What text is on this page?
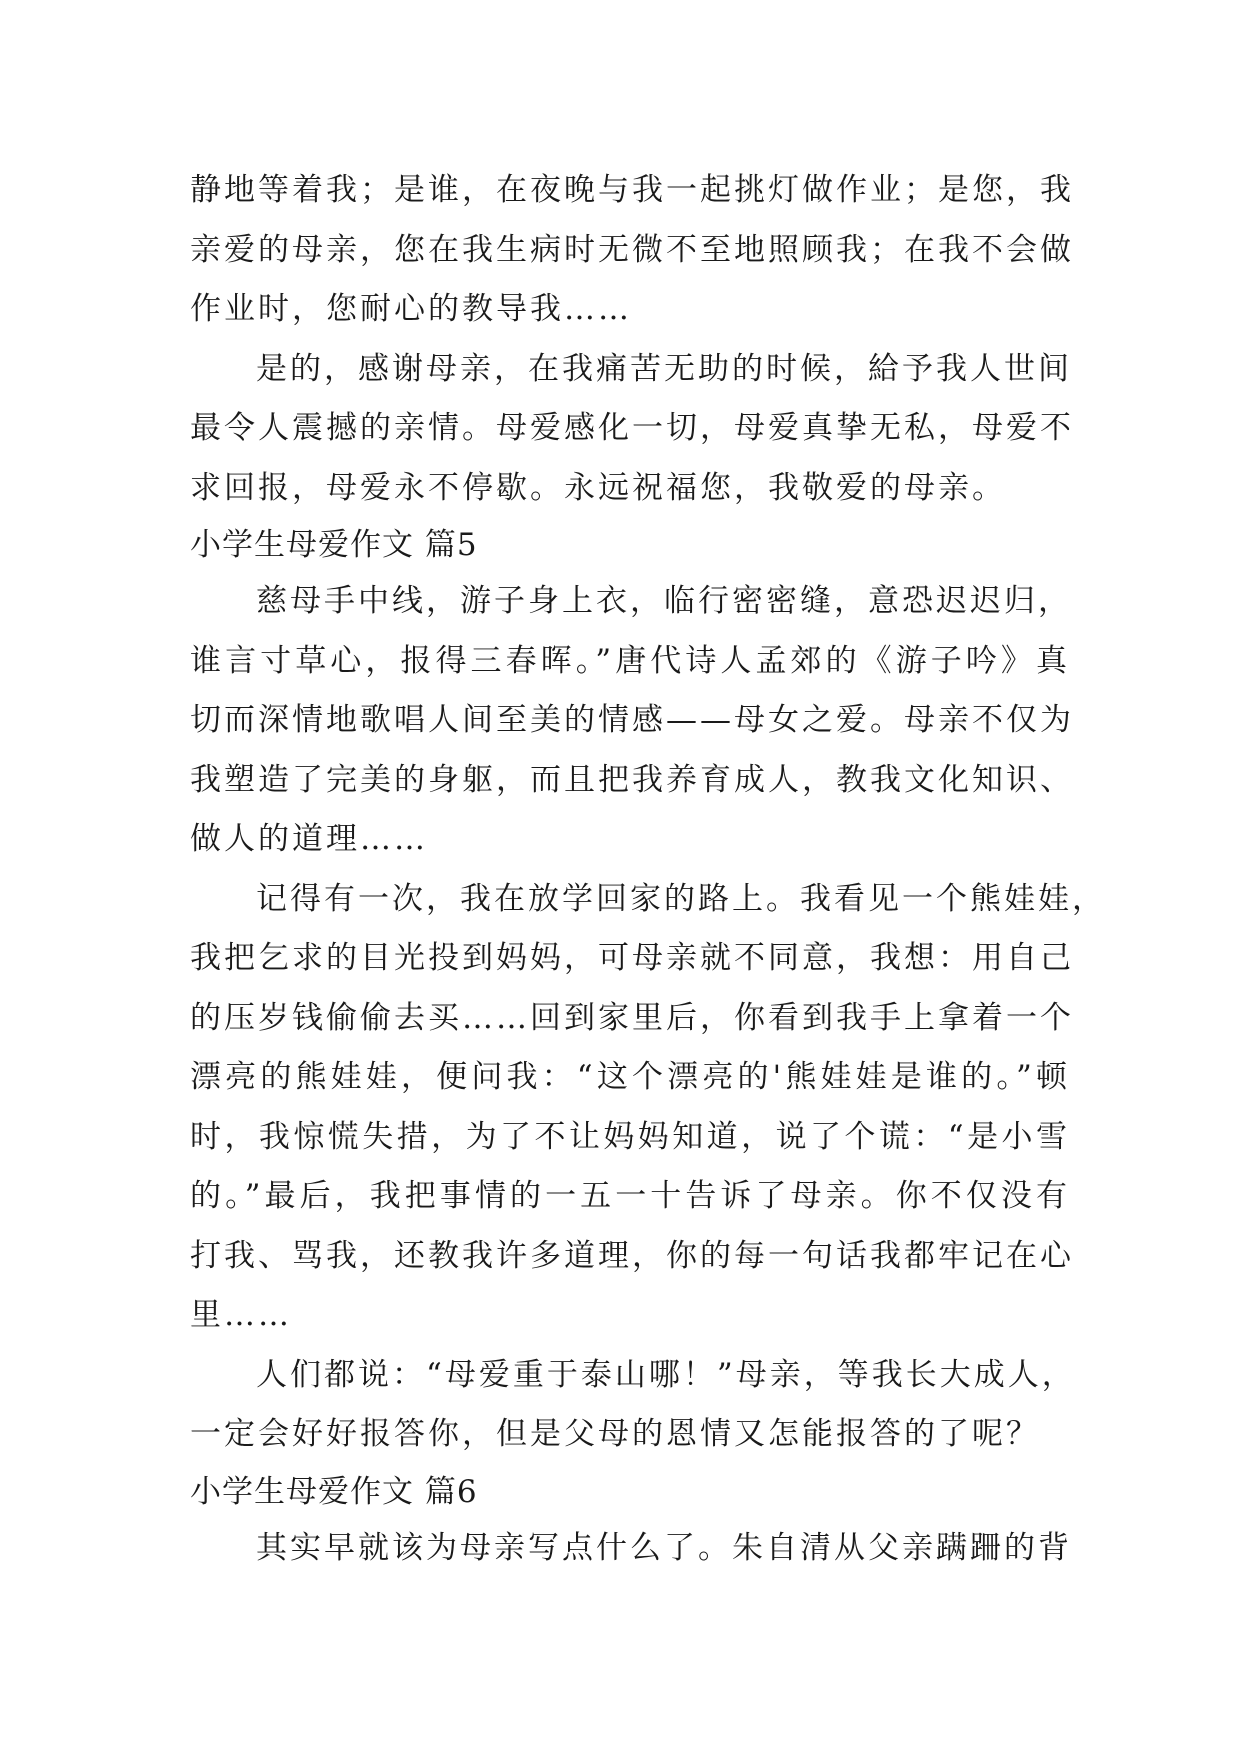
静地等着我；是谁，在夜晚与我一起挑灯做作业；是您，我
亲爱的母亲，您在我生病时无微不至地照顾我；在我不会做
作业时，您耐心的教导我……
是的，感谢母亲，在我痛苦无助的时候，給予我人世间
最令人震撼的亲情。母爱感化一切，母爱真挚无私，母爱不
求回报，母爱永不停歇。永远祝福您，我敬爱的母亲。
小学生母爱作文 篇5
慈母手中线，游子身上衣，临行密密缝，意恐迟迟归，
谁言寸草心，报得三春晖。”唐代诗人孟郊的《游子吟》真
切而深情地歌唱人间至美的情感——母女之爱。母亲不仅为
我塑造了完美的身躯，而且把我养育成人，教我文化知识、
做人的道理……
记得有一次，我在放学回家的路上。我看见一个熊娃娃，
我把乞求的目光投到妈妈，可母亲就不同意，我想：用自己
的压岁钱偷偷去买……回到家里后，你看到我手上拿着一个
漂亮的熊娃娃，便问我：“这个漂亮的'熊娃娃是谁的。”顿
时，我惊慌失措，为了不让妈妈知道，说了个谎：“是小雪
的。”最后，我把事情的一五一十告诉了母亲。你不仅没有
打我、骂我，还教我许多道理，你的每一句话我都牢记在心
里……
人们都说：“母爱重于泰山哪！”母亲，等我长大成人，
一定会好好报答你，但是父母的恩情又怎能报答的了呢？
小学生母爱作文 篇6
其实早就该为母亲写点什么了。朱自清从父亲蹒跚的背
